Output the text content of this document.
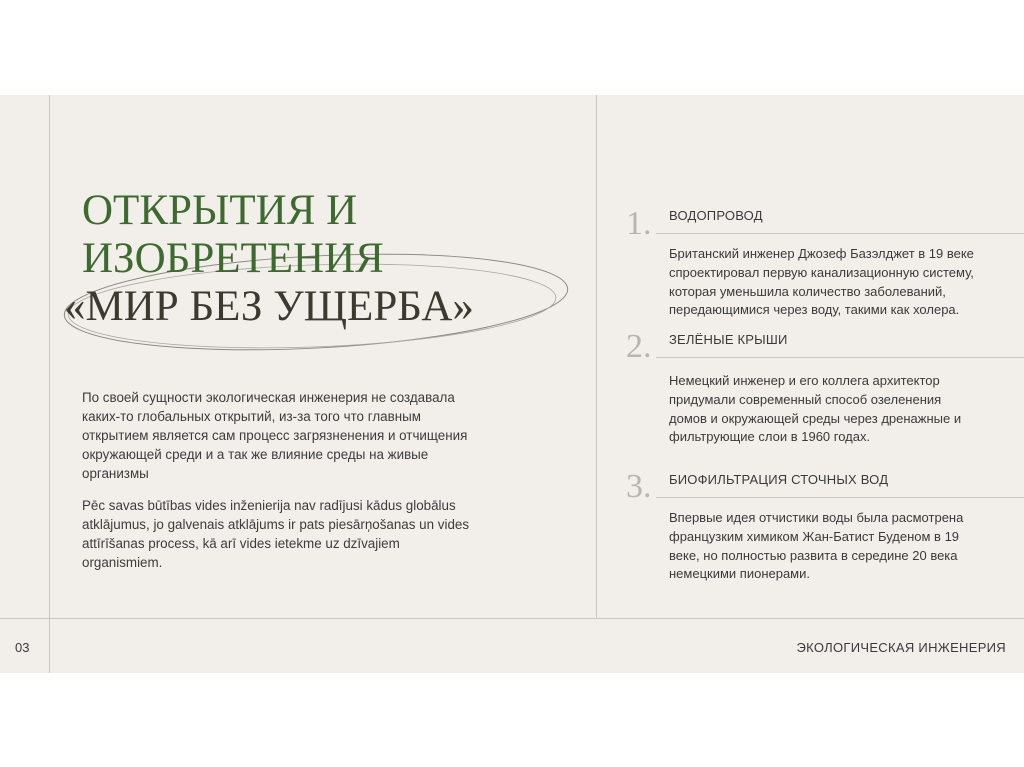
ОТКРЫТИЯ И
ИЗОБРЕТЕНИЯ
«МИР БЕЗ УЩЕРБА»

По своей сущности экологическая инженерия не создавала каких-то глобальных открытий, из-за того что главным открытием является сам процесс загрязненения и отчищения окружающей среди и а так же влияние среды на живые организмы

Pēc savas būtības vides inženierija nav radījusi kādus globālus atklājumus, jo galvenais atklājums ir pats piesārņošanas un vides attīrīšanas process, kā arī vides ietekme uz dzīvajiem organismiem.

1. ВОДОПРОВОД

Британский инженер Джозеф Базэлджет в 19 веке спроектировал первую канализационную систему, которая уменьшила количество заболеваний, передающимися через воду, такими как холера.

2. ЗЕЛЁНЫЕ КРЫШИ

Немецкий инженер и его коллега архитектор придумали современный способ озеленения домов и окружающей среды через дренажные и фильтрующие слои в 1960 годах.

3. БИОФИЛЬТРАЦИЯ СТОЧНЫХ ВОД

Впервые идея отчистики воды была расмотрена французким химиком Жан-Батист Буденом в 19 веке, но полностью развита в середине 20 века немецкими пионерами.

03	ЭКОЛОГИЧЕСКАЯ ИНЖЕНЕРИЯ
